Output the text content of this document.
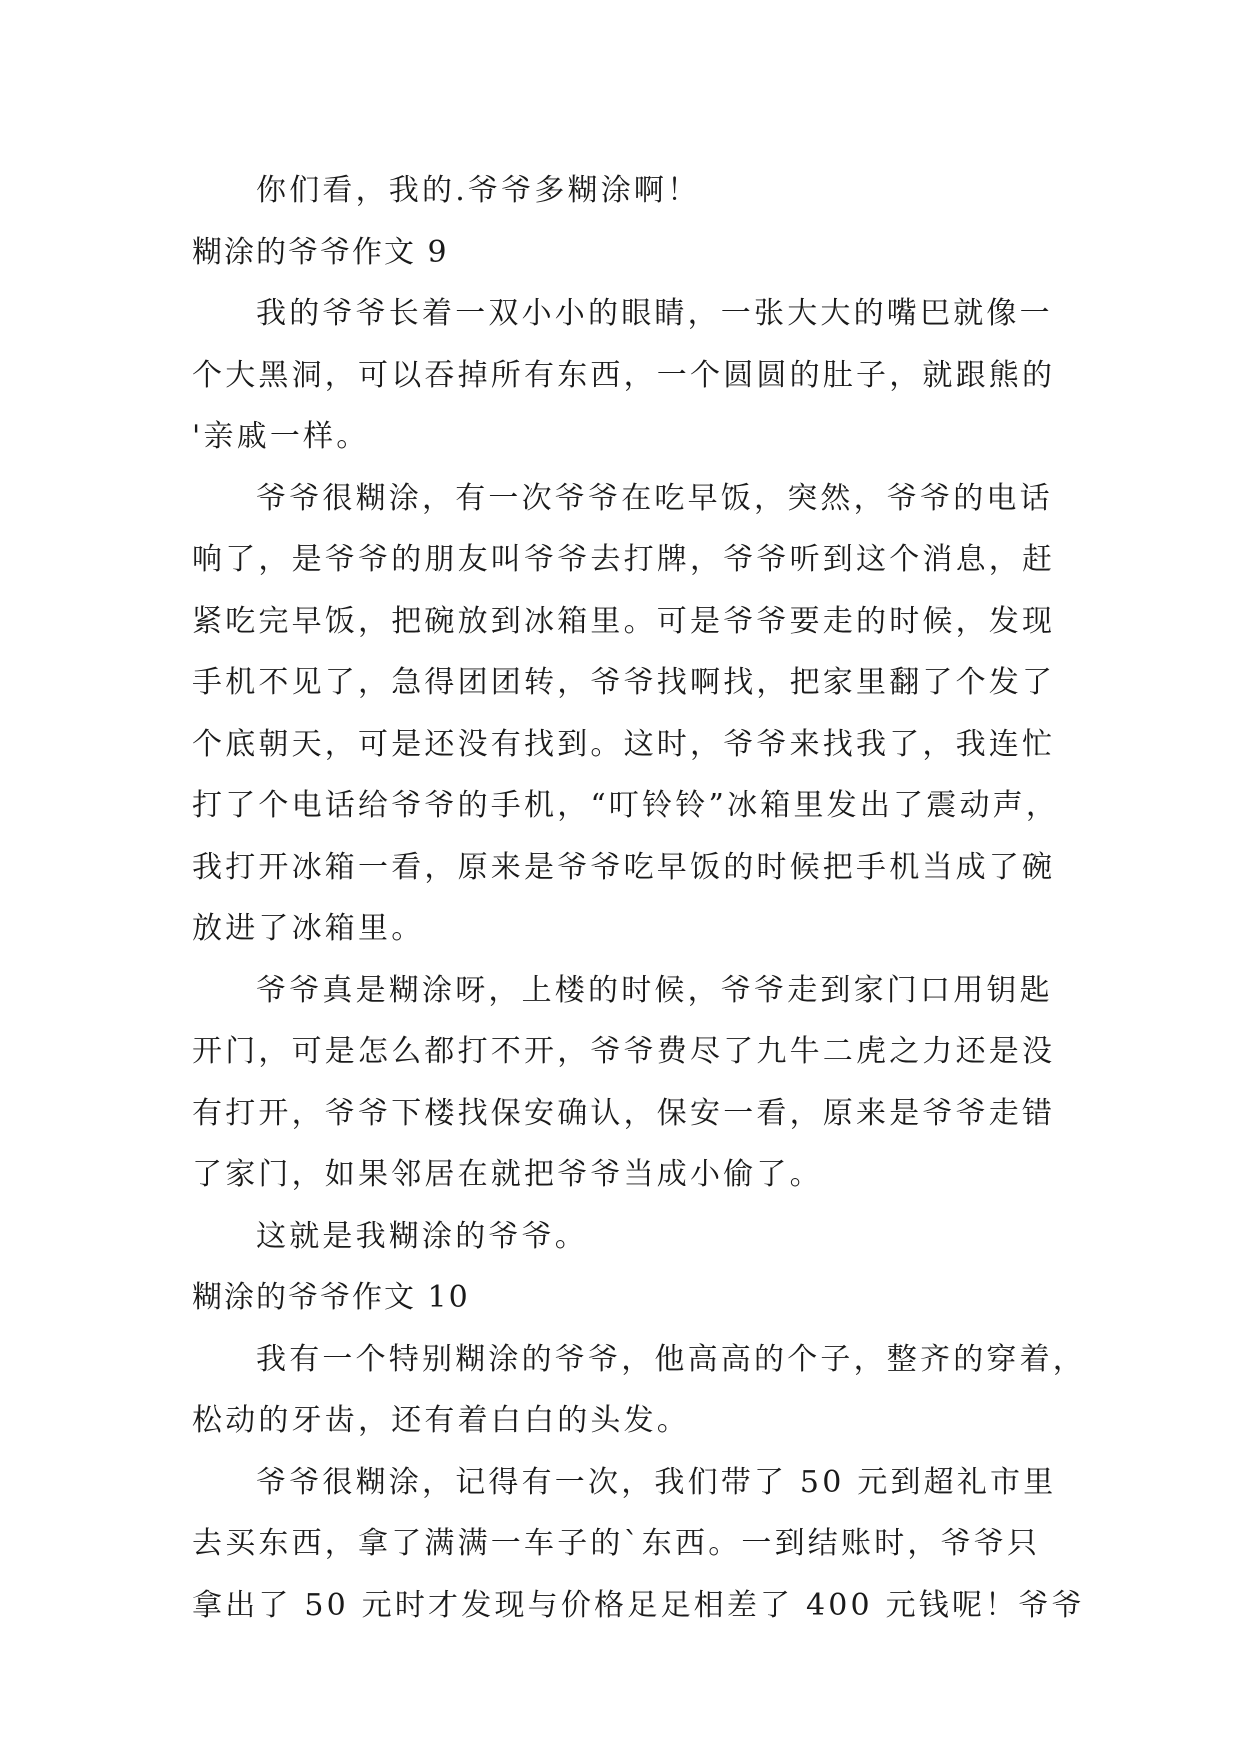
你们看，我的.爷爷多糊涂啊！
糊涂的爷爷作文 9
我的爷爷长着一双小小的眼睛，一张大大的嘴巴就像一
个大黑洞，可以吞掉所有东西，一个圆圆的肚子，就跟熊的
'亲戚一样。
爷爷很糊涂，有一次爷爷在吃早饭，突然，爷爷的电话
响了，是爷爷的朋友叫爷爷去打牌，爷爷听到这个消息，赶
紧吃完早饭，把碗放到冰箱里。可是爷爷要走的时候，发现
手机不见了，急得团团转，爷爷找啊找，把家里翻了个发了
个底朝天，可是还没有找到。这时，爷爷来找我了，我连忙
打了个电话给爷爷的手机，“叮铃铃”冰箱里发出了震动声，
我打开冰箱一看，原来是爷爷吃早饭的时候把手机当成了碗
放进了冰箱里。
爷爷真是糊涂呀，上楼的时候，爷爷走到家门口用钥匙
开门，可是怎么都打不开，爷爷费尽了九牛二虎之力还是没
有打开，爷爷下楼找保安确认，保安一看，原来是爷爷走错
了家门，如果邻居在就把爷爷当成小偷了。
这就是我糊涂的爷爷。
糊涂的爷爷作文 10
我有一个特别糊涂的爷爷，他高高的个子，整齐的穿着，
松动的牙齿，还有着白白的头发。
爷爷很糊涂，记得有一次，我们带了 50 元到超礼市里
去买东西，拿了满满一车子的`东西。一到结账时，爷爷只
拿出了 50 元时才发现与价格足足相差了 400 元钱呢！爷爷
